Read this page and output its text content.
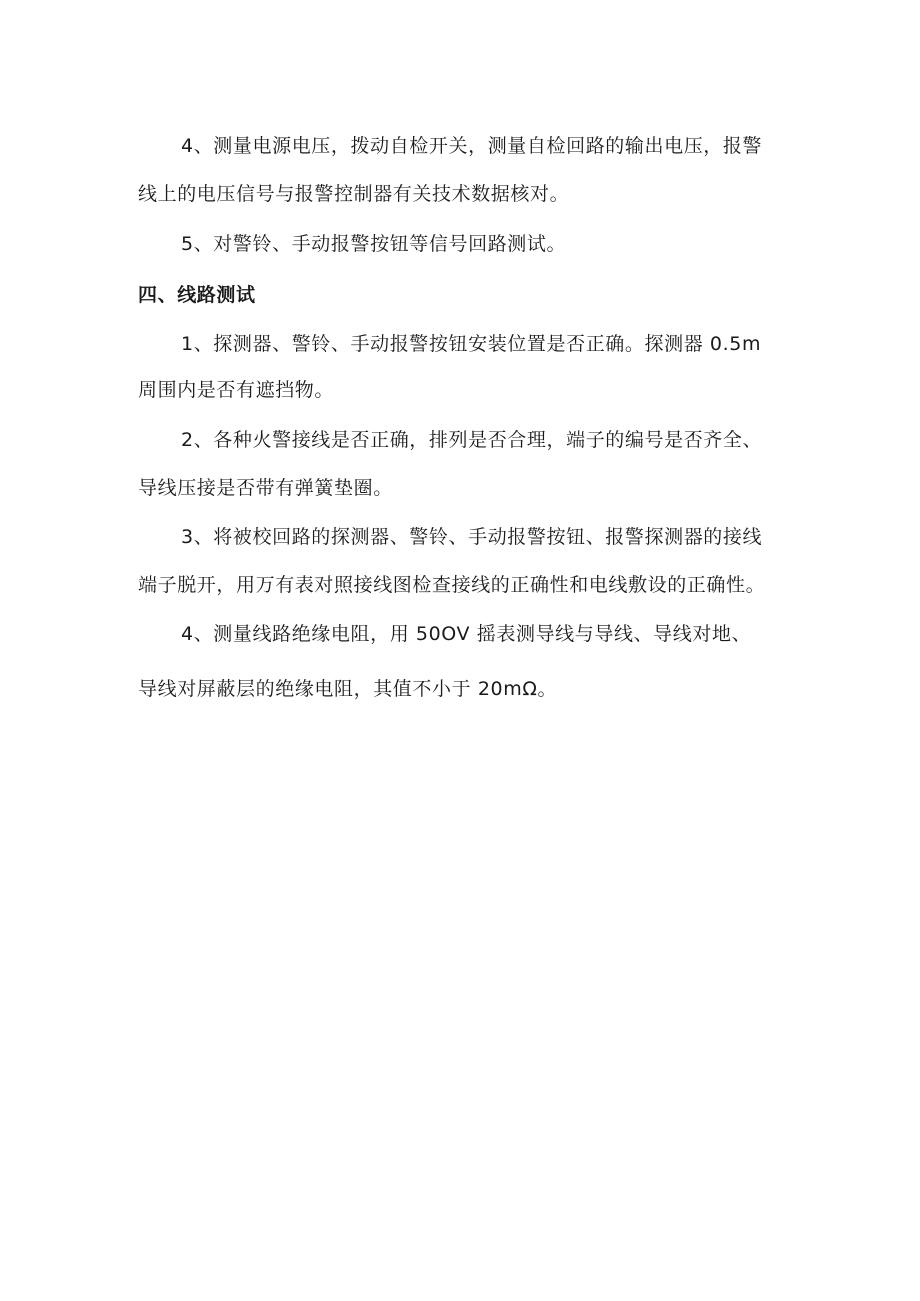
4、测量电源电压，拨动自检开关，测量自检回路的输出电压，报警
线上的电压信号与报警控制器有关技术数据核对。
5、对警铃、手动报警按钮等信号回路测试。
四、线路测试
1、探测器、警铃、手动报警按钮安装位置是否正确。探测器 0.5m
周围内是否有遮挡物。
2、各种火警接线是否正确，排列是否合理，端子的编号是否齐全、
导线压接是否带有弹簧垫圈。
3、将被校回路的探测器、警铃、手动报警按钮、报警探测器的接线
端子脱开，用万有表对照接线图检查接线的正确性和电线敷设的正确性。
4、测量线路绝缘电阻，用 50OV 摇表测导线与导线、导线对地、
导线对屏蔽层的绝缘电阻，其值不小于 20mΩ。
